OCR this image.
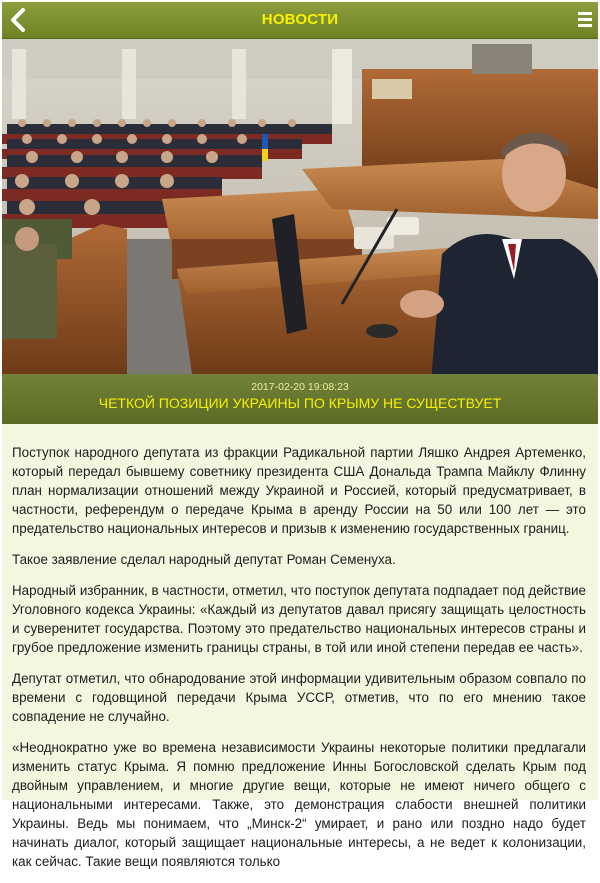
НОВОСТИ
2017-02-20 19:08:23
ЧЕТКОЙ ПОЗИЦИИ УКРАИНЫ ПО КРЫМУ НЕ СУЩЕСТВУЕТ

Поступок народного депутата из фракции Радикальной партии Ляшко Андрея Артеменко, который передал бывшему советнику президента США Дональда Трампа Майклу Флинну план нормализации отношений между Украиной и Россией, который предусматривает, в частности, референдум о передаче Крыма в аренду России на 50 или 100 лет — это предательство национальных интересов и призыв к изменению государственных границ.

Такое заявление сделал народный депутат Роман Семенуха.

Народный избранник, в частности, отметил, что поступок депутата подпадает под действие Уголовного кодекса Украины: «Каждый из депутатов давал присягу защищать целостность и суверенитет государства. Поэтому это предательство национальных интересов страны и грубое предложение изменить границы страны, в той или иной степени передав ее часть».

Депутат отметил, что обнародование этой информации удивительным образом совпало по времени с годовщиной передачи Крыма УССР, отметив, что по его мнению такое совпадение не случайно.

«Неоднократно уже во времена независимости Украины некоторые политики предлагали изменить статус Крыма. Я помню предложение Инны Богословской сделать Крым под двойным управлением, и многие другие вещи, которые не имеют ничего общего с национальными интересами. Также, это демонстрация слабости внешней политики Украины. Ведь мы понимаем, что „Минск-2“ умирает, и рано или поздно надо будет начинать диалог, который защищает национальные интересы, а не ведет к колонизации, как сейчас. Такие вещи появляются только
